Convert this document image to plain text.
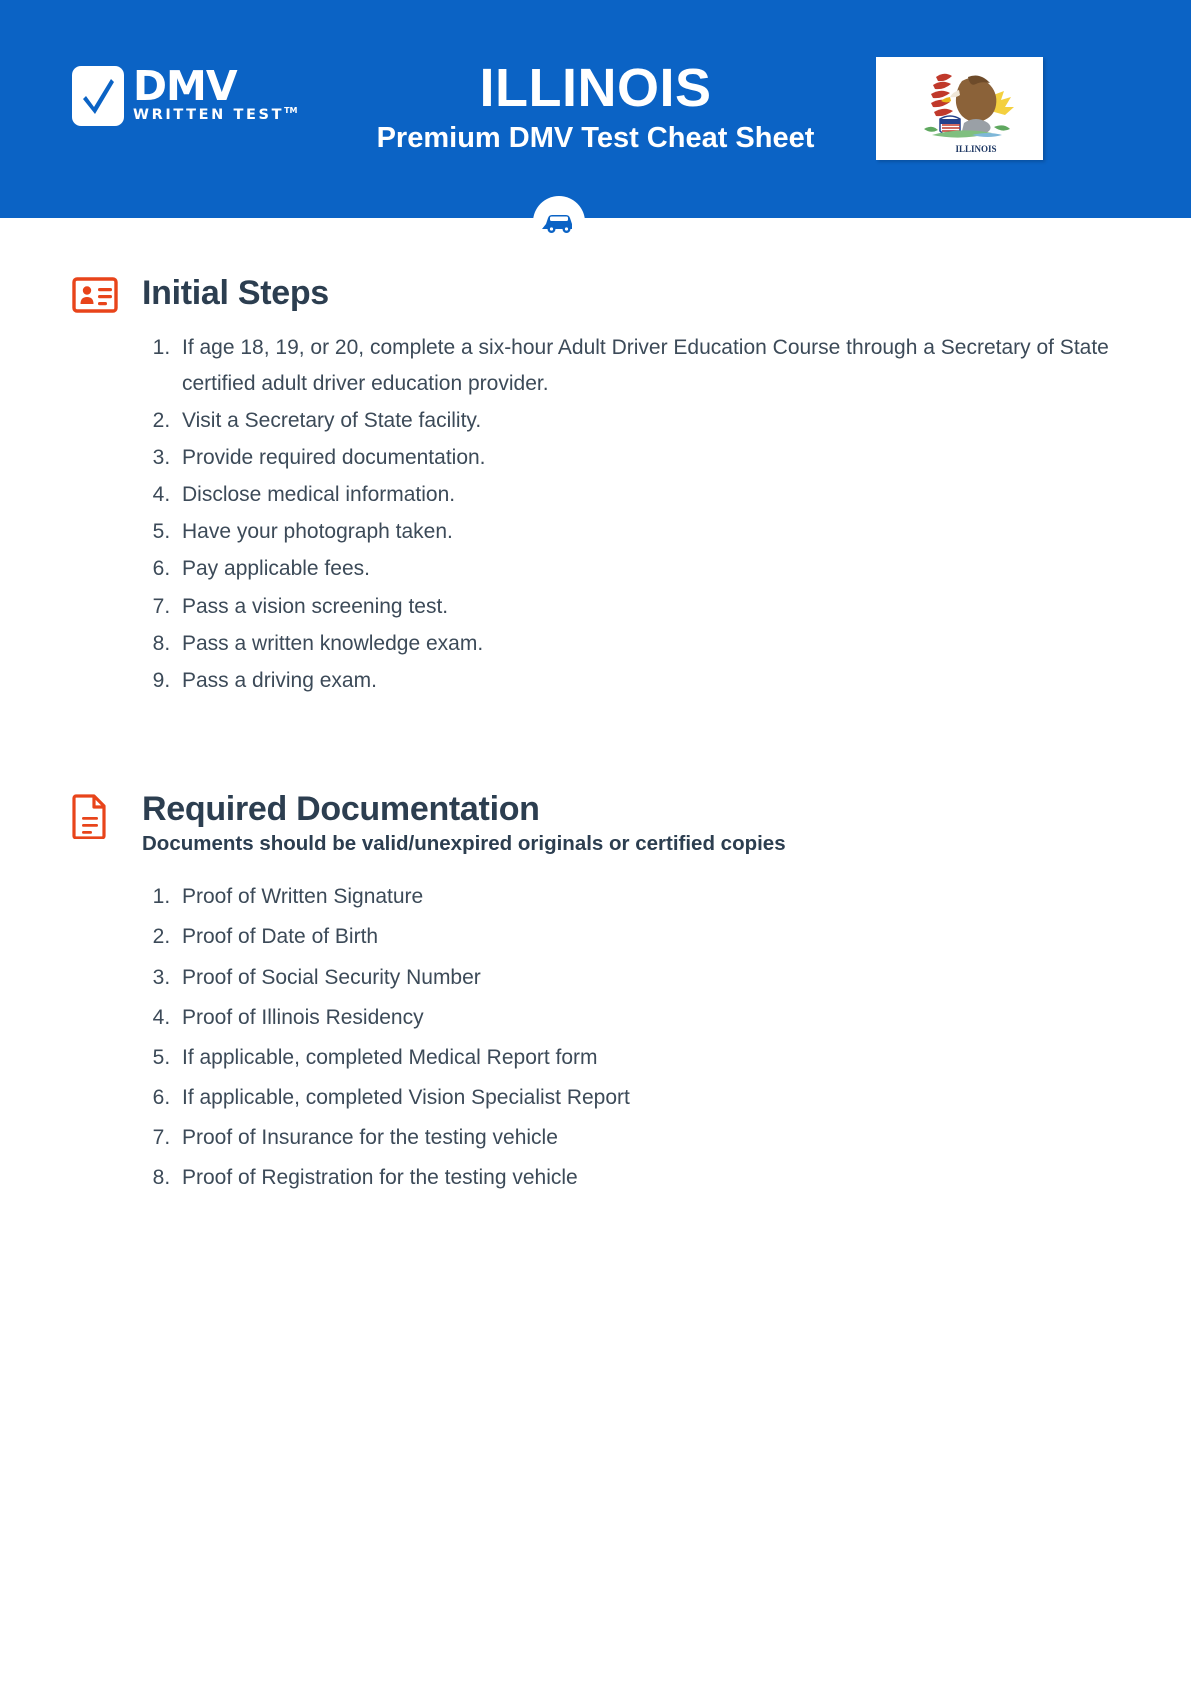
DMV
WRITTEN TEST™	ILLINOIS
Premium DMV Test Cheat Sheet	ILLINOIS
Initial Steps
1. If age 18, 19, or 20, complete a six-hour Adult Driver Education Course through a Secretary of State certified adult driver education provider.
2. Visit a Secretary of State facility.
3. Provide required documentation.
4. Disclose medical information.
5. Have your photograph taken.
6. Pay applicable fees.
7. Pass a vision screening test.
8. Pass a written knowledge exam.
9. Pass a driving exam.
Required Documentation
Documents should be valid/unexpired originals or certified copies
1. Proof of Written Signature
2. Proof of Date of Birth
3. Proof of Social Security Number
4. Proof of Illinois Residency
5. If applicable, completed Medical Report form
6. If applicable, completed Vision Specialist Report
7. Proof of Insurance for the testing vehicle
8. Proof of Registration for the testing vehicle
